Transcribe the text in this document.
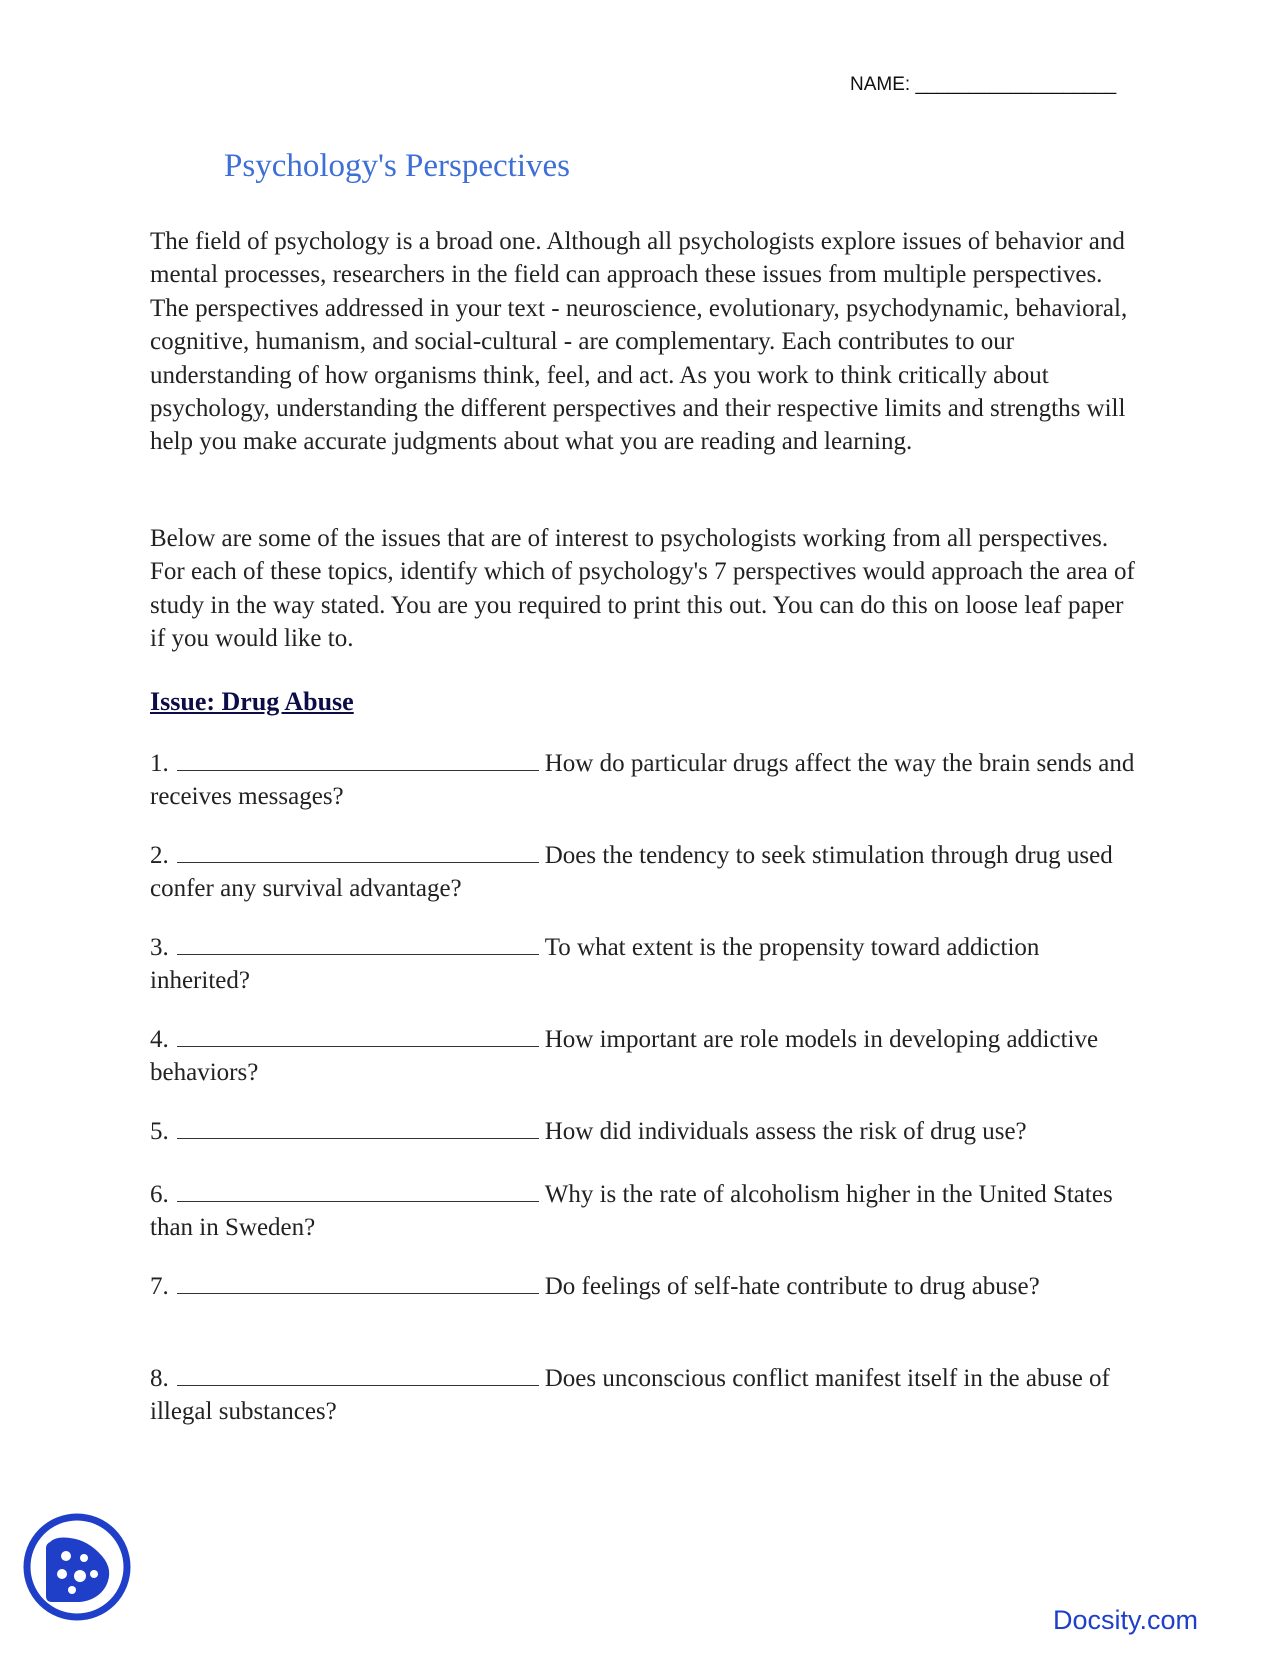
NAME: ___________________
Psychology's Perspectives

The field of psychology is a broad one. Although all psychologists explore issues of behavior and mental processes, researchers in the field can approach these issues from multiple perspectives. The perspectives addressed in your text - neuroscience, evolutionary, psychodynamic, behavioral, cognitive, humanism, and social-cultural - are complementary. Each contributes to our understanding of how organisms think, feel, and act. As you work to think critically about psychology, understanding the different perspectives and their respective limits and strengths will help you make accurate judgments about what you are reading and learning.

Below are some of the issues that are of interest to psychologists working from all perspectives. For each of these topics, identify which of psychology's 7 perspectives would approach the area of study in the way stated. You are you required to print this out. You can do this on loose leaf paper if you would like to.

Issue: Drug Abuse

1.	How do particular drugs affect the way the brain sends and receives messages?

2.	Does the tendency to seek stimulation through drug used confer any survival advantage?

3.	To what extent is the propensity toward addiction inherited?

4.	How important are role models in developing addictive behaviors?

5.	How did individuals assess the risk of drug use?

6.	Why is the rate of alcoholism higher in the United States than in Sweden?

7.	Do feelings of self-hate contribute to drug abuse?

8.	Does unconscious conflict manifest itself in the abuse of illegal substances?

Docsity.com
